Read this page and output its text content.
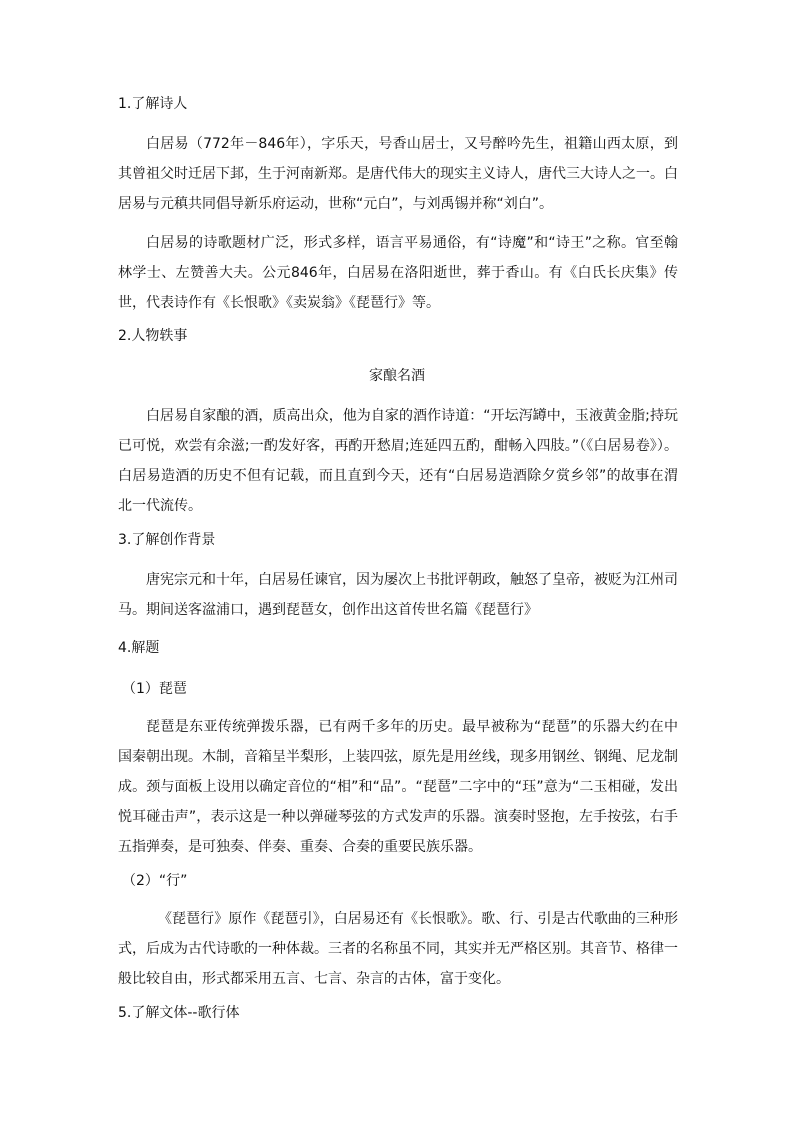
1.了解诗人

白居易（772年－846年），字乐天，号香山居士，又号醉吟先生，祖籍山西太原，到其曾祖父时迁居下邽，生于河南新郑。是唐代伟大的现实主义诗人，唐代三大诗人之一。白居易与元稹共同倡导新乐府运动，世称“元白”，与刘禹锡并称“刘白”。

白居易的诗歌题材广泛，形式多样，语言平易通俗，有“诗魔”和“诗王”之称。官至翰林学士、左赞善大夫。公元846年，白居易在洛阳逝世，葬于香山。有《白氏长庆集》传世，代表诗作有《长恨歌》《卖炭翁》《琵琶行》等。

2.人物轶事
家酿名酒

白居易自家酿的酒，质高出众，他为自家的酒作诗道：“开坛泻罇中，玉液黄金脂;持玩已可悦，欢尝有余滋;一酌发好客，再酌开愁眉;连延四五酌，酣畅入四肢。”（《白居易卷》）。白居易造酒的历史不但有记载，而且直到今天，还有“白居易造酒除夕赏乡邻”的故事在渭北一代流传。

3.了解创作背景

唐宪宗元和十年，白居易任谏官，因为屡次上书批评朝政，触怒了皇帝，被贬为江州司马。期间送客湓浦口，遇到琵琶女，创作出这首传世名篇《琵琶行》

4.解题
（1）琵琶

琵琶是东亚传统弹拨乐器，已有两千多年的历史。最早被称为“琵琶”的乐器大约在中国秦朝出现。木制，音箱呈半梨形，上装四弦，原先是用丝线，现多用钢丝、钢绳、尼龙制成。颈与面板上设用以确定音位的“相”和“品”。“琵琶”二字中的“珏”意为“二玉相碰，发出悦耳碰击声”，表示这是一种以弹碰琴弦的方式发声的乐器。演奏时竖抱，左手按弦，右手五指弹奏，是可独奏、伴奏、重奏、合奏的重要民族乐器。

（2）“行”

《琵琶行》原作《琵琶引》，白居易还有《长恨歌》。歌、行、引是古代歌曲的三种形式，后成为古代诗歌的一种体裁。三者的名称虽不同，其实并无严格区别。其音节、格律一般比较自由，形式都采用五言、七言、杂言的古体，富于变化。

5.了解文体--歌行体
